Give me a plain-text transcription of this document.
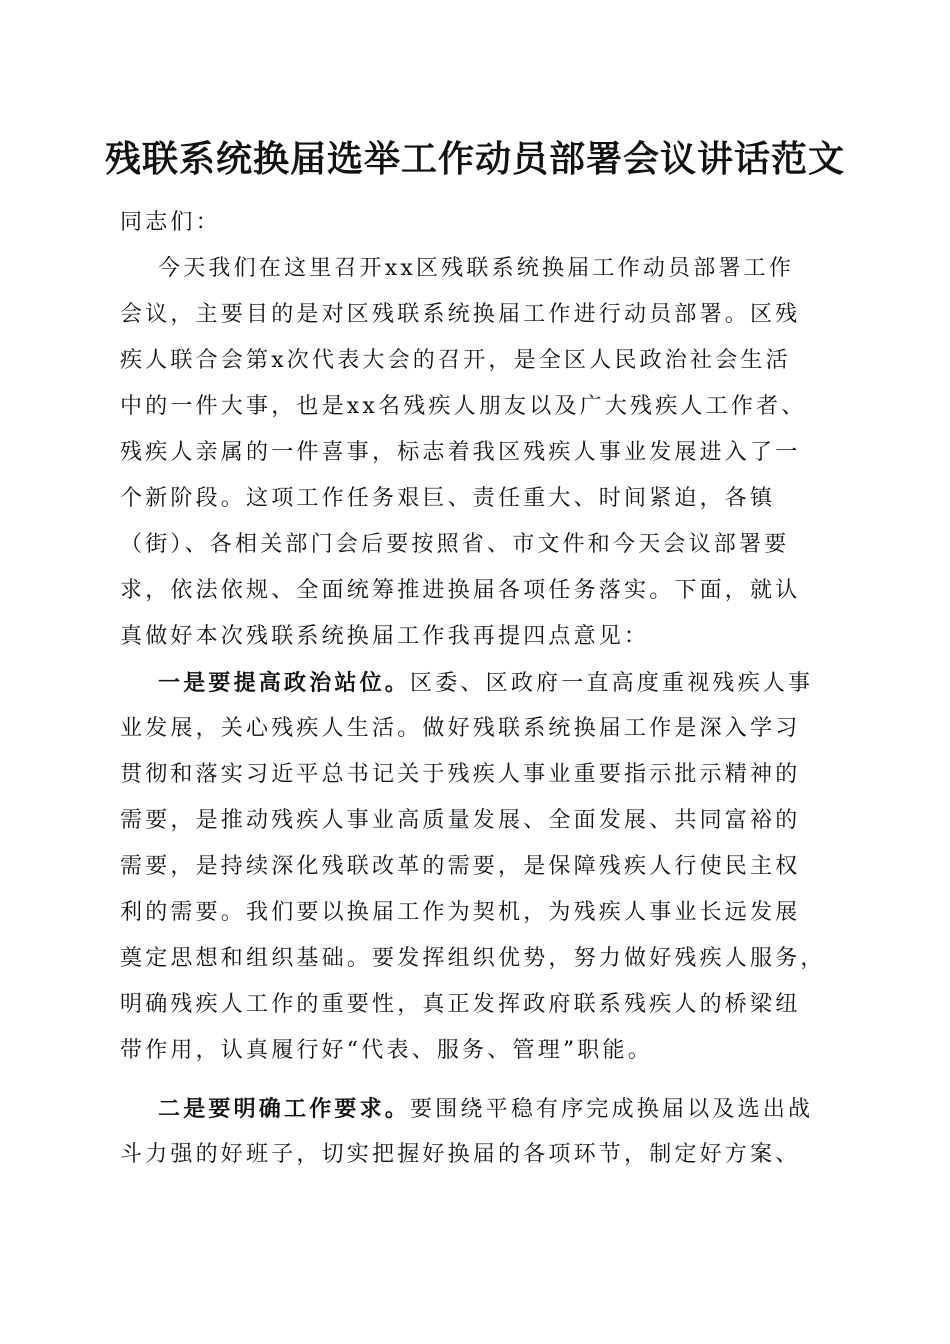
残联系统换届选举工作动员部署会议讲话范文
同志们：
今天我们在这里召开xx区残联系统换届工作动员部署工作
会议，主要目的是对区残联系统换届工作进行动员部署。区残
疾人联合会第x次代表大会的召开，是全区人民政治社会生活
中的一件大事，也是xx名残疾人朋友以及广大残疾人工作者、
残疾人亲属的一件喜事，标志着我区残疾人事业发展进入了一
个新阶段。这项工作任务艰巨、责任重大、时间紧迫，各镇
（街）、各相关部门会后要按照省、市文件和今天会议部署要
求，依法依规、全面统筹推进换届各项任务落实。下面，就认
真做好本次残联系统换届工作我再提四点意见：
一是要提高政治站位。区委、区政府一直高度重视残疾人事
业发展，关心残疾人生活。做好残联系统换届工作是深入学习
贯彻和落实习近平总书记关于残疾人事业重要指示批示精神的
需要，是推动残疾人事业高质量发展、全面发展、共同富裕的
需要，是持续深化残联改革的需要，是保障残疾人行使民主权
利的需要。我们要以换届工作为契机，为残疾人事业长远发展
奠定思想和组织基础。要发挥组织优势，努力做好残疾人服务，
明确残疾人工作的重要性，真正发挥政府联系残疾人的桥梁纽
带作用，认真履行好“代表、服务、管理”职能。
二是要明确工作要求。要围绕平稳有序完成换届以及选出战
斗力强的好班子，切实把握好换届的各项环节，制定好方案、
